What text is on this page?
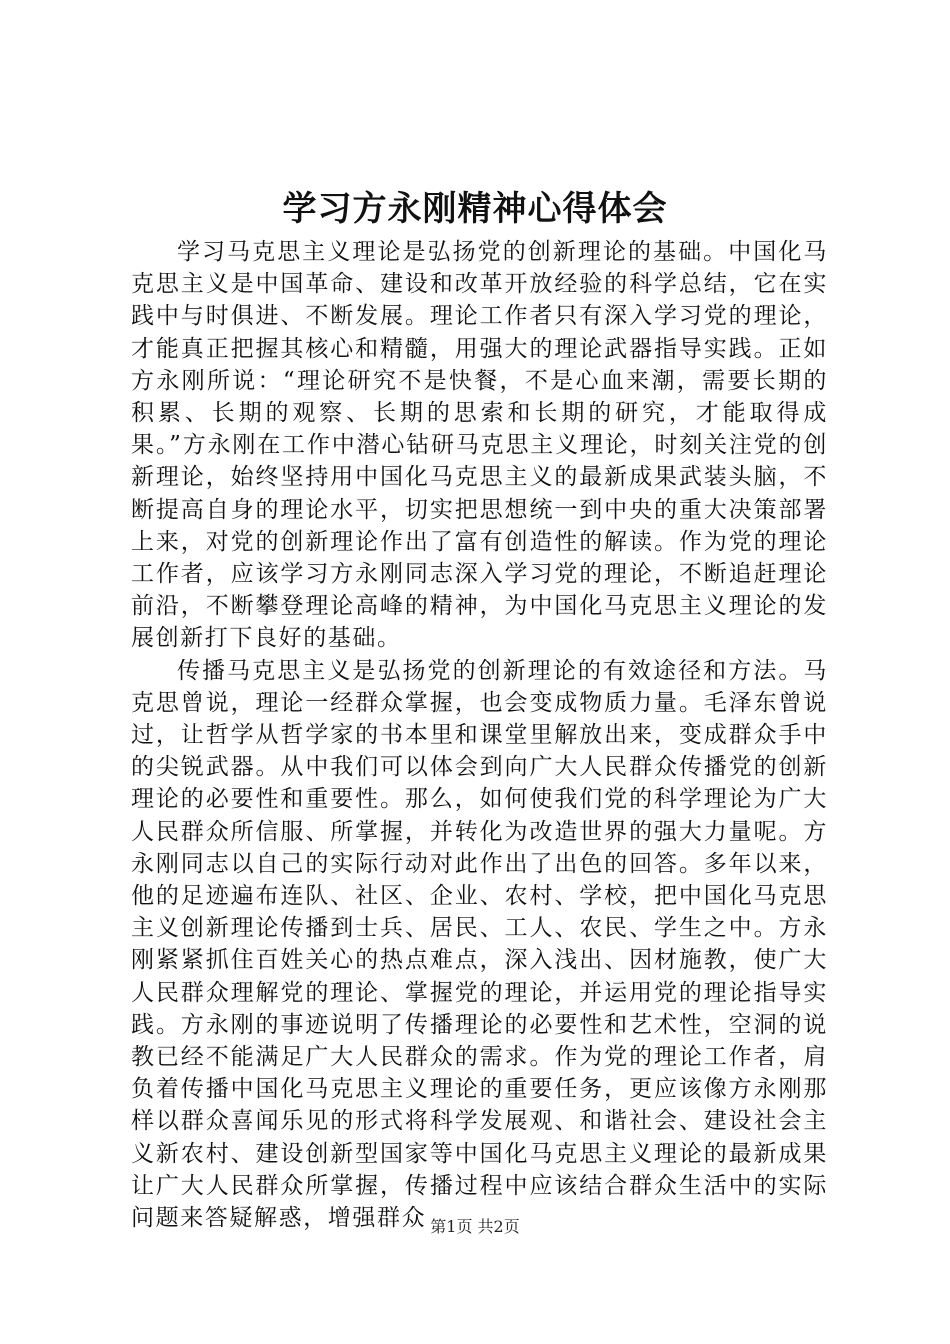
学习方永刚精神心得体会

学习马克思主义理论是弘扬党的创新理论的基础。中国化马克思主义是中国革命、建设和改革开放经验的科学总结，它在实践中与时俱进、不断发展。理论工作者只有深入学习党的理论，才能真正把握其核心和精髓，用强大的理论武器指导实践。正如方永刚所说：“理论研究不是快餐，不是心血来潮，需要长期的积累、长期的观察、长期的思索和长期的研究，才能取得成果。”方永刚在工作中潜心钻研马克思主义理论，时刻关注党的创新理论，始终坚持用中国化马克思主义的最新成果武装头脑，不断提高自身的理论水平，切实把思想统一到中央的重大决策部署上来，对党的创新理论作出了富有创造性的解读。作为党的理论工作者，应该学习方永刚同志深入学习党的理论，不断追赶理论前沿，不断攀登理论高峰的精神，为中国化马克思主义理论的发展创新打下良好的基础。

传播马克思主义是弘扬党的创新理论的有效途径和方法。马克思曾说，理论一经群众掌握，也会变成物质力量。毛泽东曾说过，让哲学从哲学家的书本里和课堂里解放出来，变成群众手中的尖锐武器。从中我们可以体会到向广大人民群众传播党的创新理论的必要性和重要性。那么，如何使我们党的科学理论为广大人民群众所信服、所掌握，并转化为改造世界的强大力量呢。方永刚同志以自己的实际行动对此作出了出色的回答。多年以来，他的足迹遍布连队、社区、企业、农村、学校，把中国化马克思主义创新理论传播到士兵、居民、工人、农民、学生之中。方永刚紧紧抓住百姓关心的热点难点，深入浅出、因材施教，使广大人民群众理解党的理论、掌握党的理论，并运用党的理论指导实践。方永刚的事迹说明了传播理论的必要性和艺术性，空洞的说教已经不能满足广大人民群众的需求。作为党的理论工作者，肩负着传播中国化马克思主义理论的重要任务，更应该像方永刚那样以群众喜闻乐见的形式将科学发展观、和谐社会、建设社会主义新农村、建设创新型国家等中国化马克思主义理论的最新成果让广大人民群众所掌握，传播过程中应该结合群众生活中的实际问题来答疑解惑，增强群众 第1页 共2页
